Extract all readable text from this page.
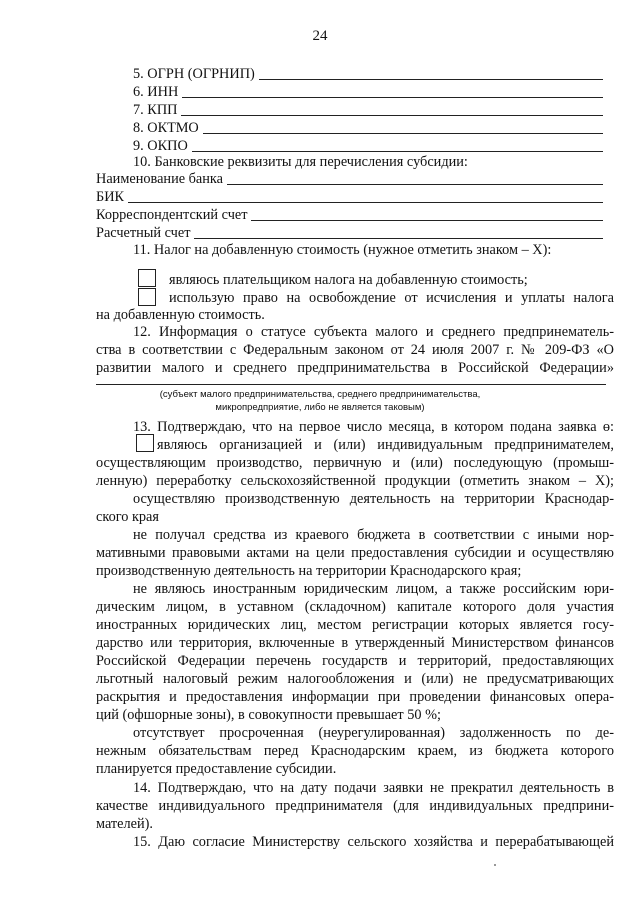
24
5. ОГРН (ОГРНИП)
6. ИНН
7. КПП
8. ОКТМО
9. ОКПО
10. Банковские реквизиты для перечисления субсидии:
Наименование банка
БИК
Корреспондентский счет
Расчетный счет
11. Налог на добавленную стоимость (нужное отметить знаком – Х):
являюсь плательщиком налога на добавленную стоимость;
использую право на освобождение от исчисления и уплаты налога
на добавленную стоимость.
12. Информация о статусе субъекта малого и среднего предпринематель-
ства в соответствии с Федеральным законом от 24 июля 2007 г. № 209-ФЗ «О
развитии малого и среднего предпринимательства в Российской Федерации»
(субъект малого предпринимательства, среднего предпринимательства,
микропредприятие, либо не является таковым)
13. Подтверждаю, что на первое число месяца, в котором подана заявка ө:
являюсь организацией и (или) индивидуальным предпринимателем,
осуществляющим производство, первичную и (или) последующую (промыш-
ленную) переработку сельскохозяйственной продукции (отметить знаком – Х);
осуществляю производственную деятельность на территории Краснодар-
ского края
не получал средства из краевого бюджета в соответствии с иными нор-
мативными правовыми актами на цели предоставления субсидии и осуществляю
производственную деятельность на территории Краснодарского края;
не являюсь иностранным юридическим лицом, а также российским юри-
дическим лицом, в уставном (складочном) капитале которого доля участия
иностранных юридических лиц, местом регистрации которых является госу-
дарство или территория, включенные в утвержденный Министерством финансов
Российской Федерации перечень государств и территорий, предоставляющих
льготный налоговый режим налогообложения и (или) не предусматривающих
раскрытия и предоставления информации при проведении финансовых опера-
ций (офшорные зоны), в совокупности превышает 50 %;
отсутствует просроченная (неурегулированная) задолженность по де-
нежным обязательствам перед Краснодарским краем, из бюджета которого
планируется предоставление субсидии.
14. Подтверждаю, что на дату подачи заявки не прекратил деятельность в
качестве индивидуального предпринимателя (для индивидуальных предприни-
мателей).
15. Даю согласие Министерству сельского хозяйства и перерабатывающей
